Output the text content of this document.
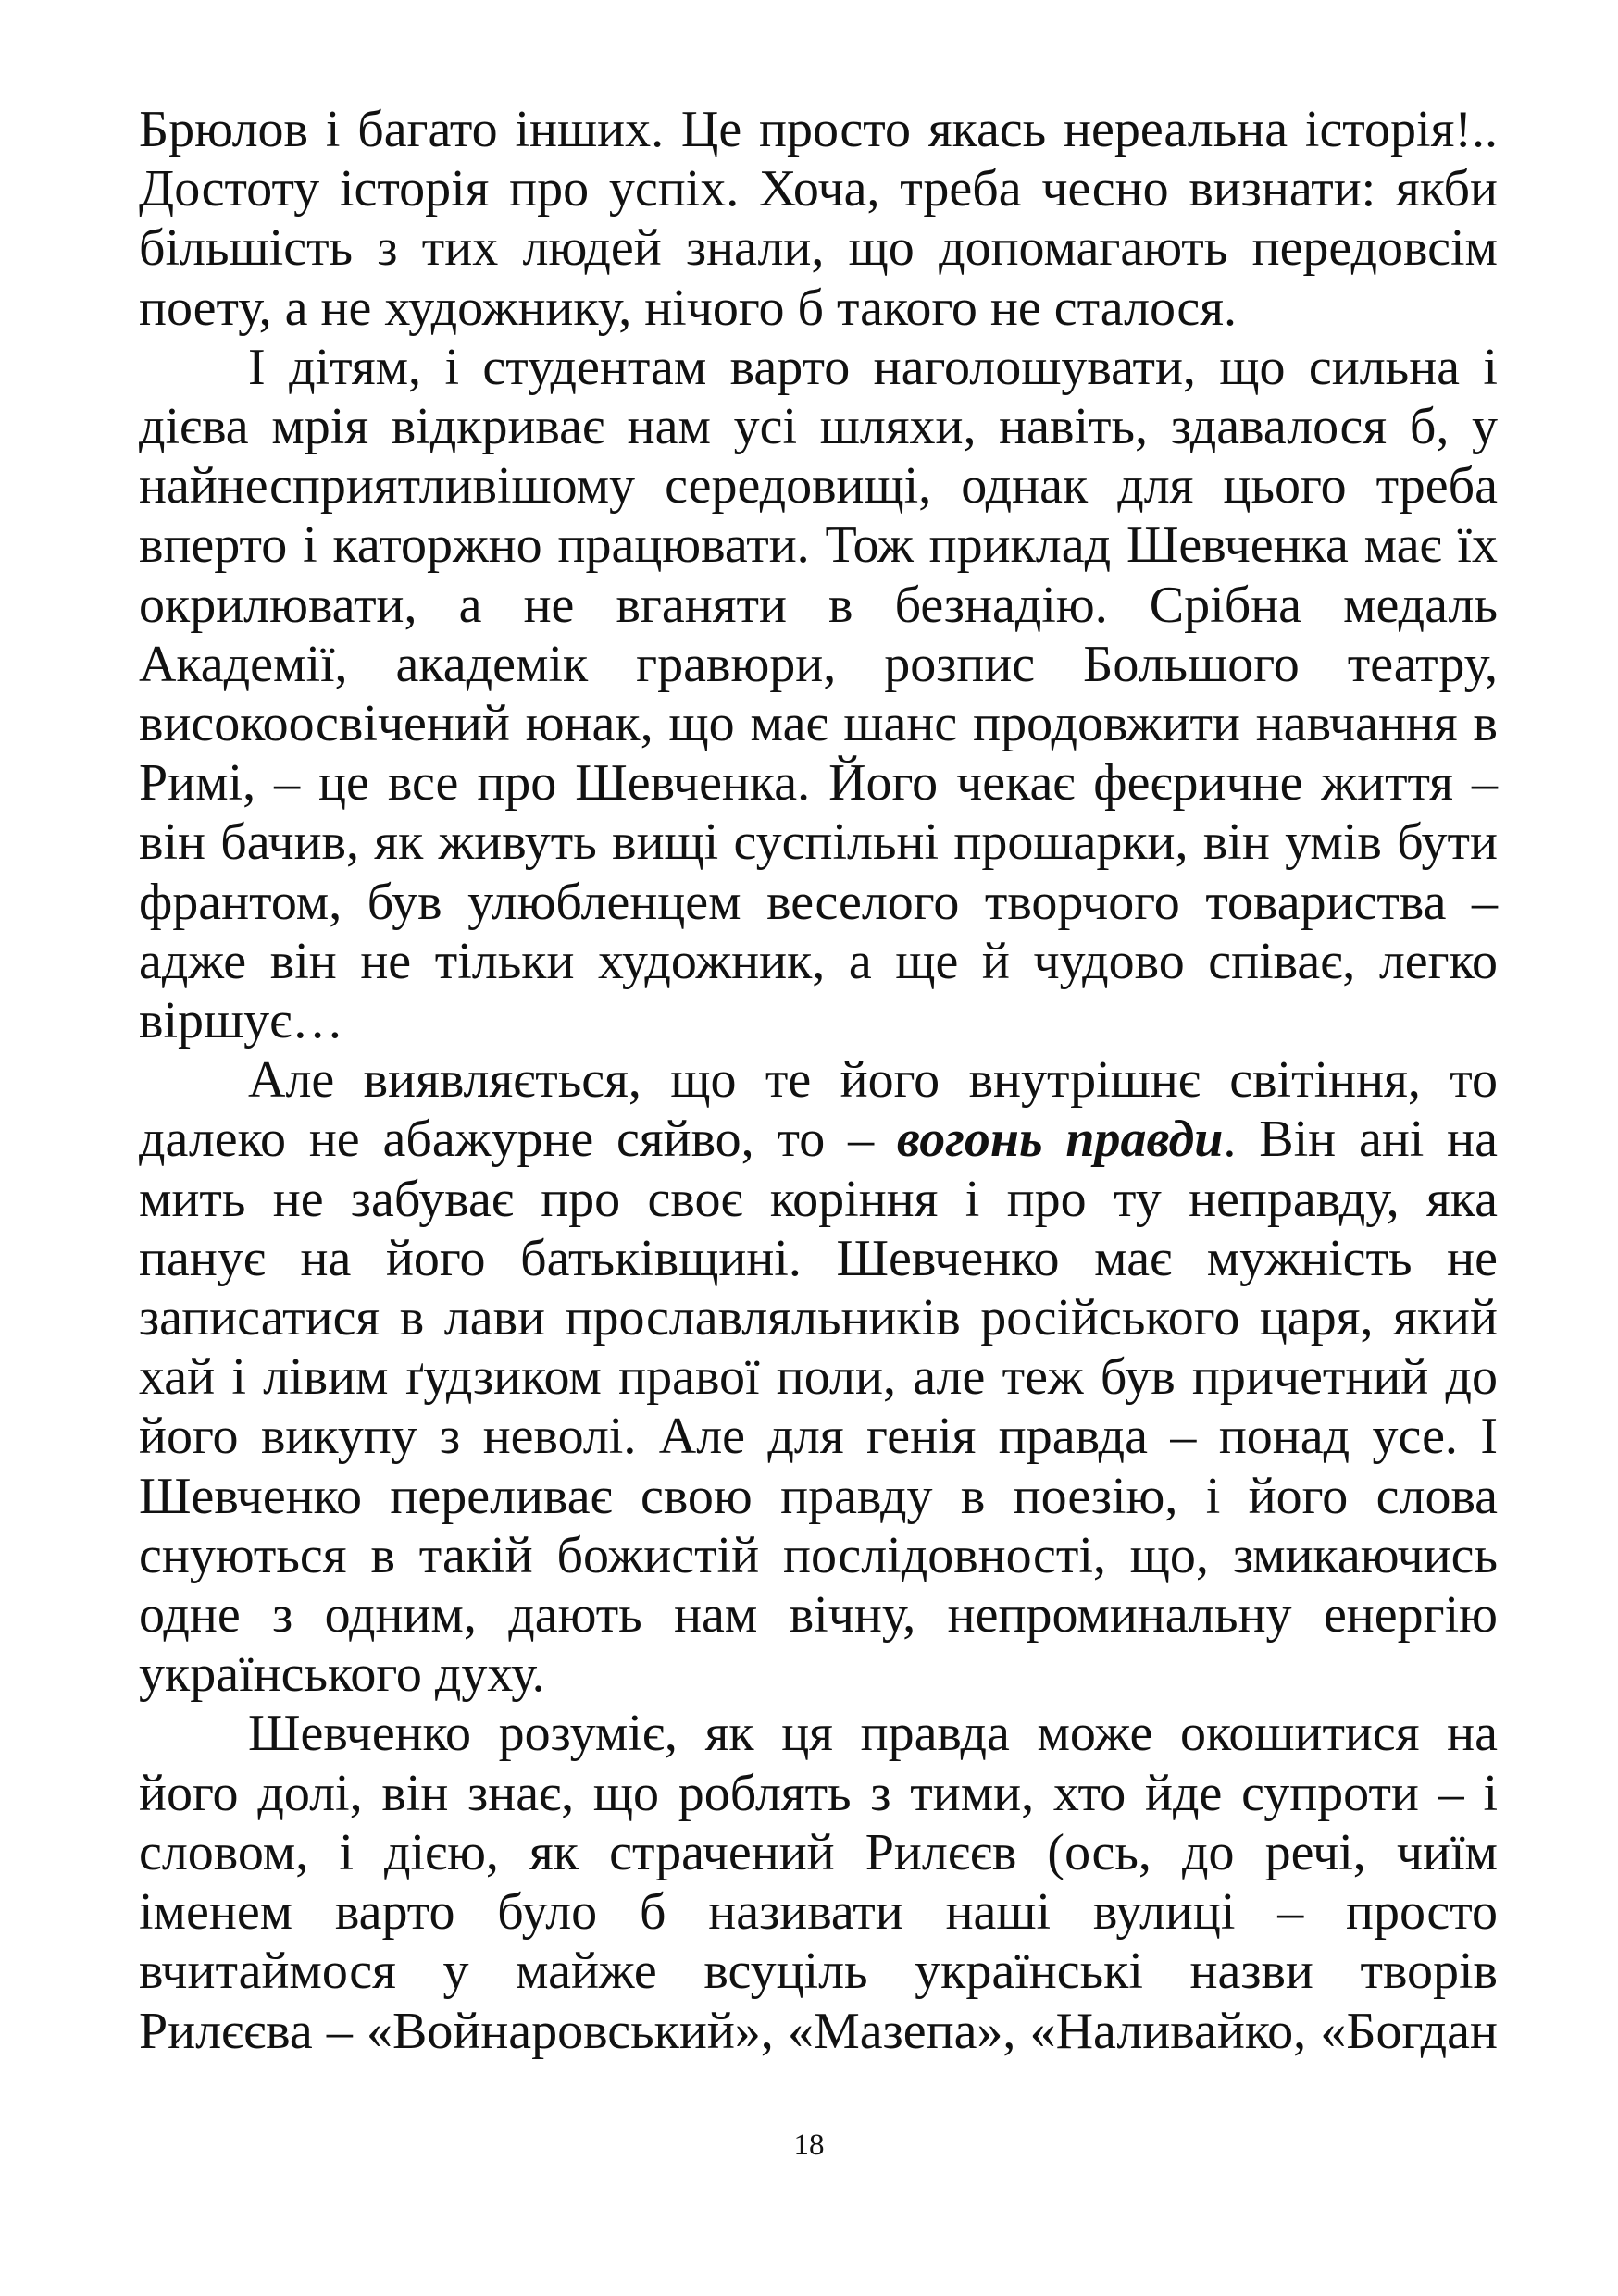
Брюлов і багато інших. Це просто якась нереальна історія!..
Достоту історія про успіх. Хоча, треба чесно визнати: якби
більшість з тих людей знали, що допомагають передовсім
поету, а не художнику, нічого б такого не сталося.
І дітям, і студентам варто наголошувати, що сильна і
дієва мрія відкриває нам усі шляхи, навіть, здавалося б, у
найнесприятливішому середовищі, однак для цього треба
вперто і каторжно працювати. Тож приклад Шевченка має їх
окрилювати, а не вганяти в безнадію. Срібна медаль
Академії, академік гравюри, розпис Большого театру,
високоосвічений юнак, що має шанс продовжити навчання в
Римі, – це все про Шевченка. Його чекає феєричне життя –
він бачив, як живуть вищі суспільні прошарки, він умів бути
франтом, був улюбленцем веселого творчого товариства –
адже він не тільки художник, а ще й чудово співає, легко
віршує…
Але виявляється, що те його внутрішнє світіння, то
далеко не абажурне сяйво, то – вогонь правди. Він ані на
мить не забуває про своє коріння і про ту неправду, яка
панує на його батьківщині. Шевченко має мужність не
записатися в лави прославляльників російського царя, який
хай і лівим ґудзиком правої поли, але теж був причетний до
його викупу з неволі. Але для генія правда – понад усе. І
Шевченко переливає свою правду в поезію, і його слова
снуються в такій божистій послідовності, що, змикаючись
одне з одним, дають нам вічну, непроминальну енергію
українського духу.
Шевченко розуміє, як ця правда може окошитися на
його долі, він знає, що роблять з тими, хто йде супроти – і
словом, і дією, як страчений Рилєєв (ось, до речі, чиїм
іменем варто було б називати наші вулиці – просто
вчитаймося у майже всуціль українські назви творів
Рилєєва – «Войнаровський», «Мазепа», «Наливайко, «Богдан
18
